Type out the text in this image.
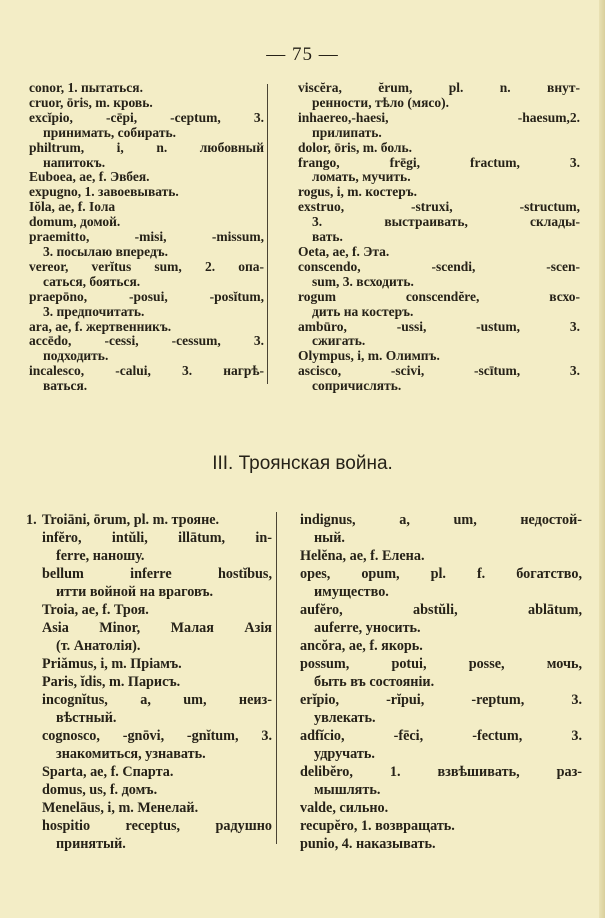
— 75 —
conor, 1. пытаться.
cruor, ōris, m. кровь.
excĭpio, -cēpi, -ceptum, 3.
принимать, собирать.
philtrum, i, n. любовный
напитокъ.
Euboea, ae, f. Эвбея.
expugno, 1. завоевывать.
Iŏla, ae, f. Іола
domum, домой.
praemitto, -misi, -missum,
3. посылаю впередъ.
vereor, verĭtus sum, 2. опа-
саться, бояться.
praepōno, -posui, -posĭtum,
3. предпочитать.
ara, ae, f. жертвенникъ.
accēdo, -cessi, -cessum, 3.
подходить.
incalesco, -calui, 3. нагрѣ-
ваться.
viscĕra, ĕrum, pl. n. внут-
ренности, тѣло (мясо).
inhaereo,-haesi, -haesum,2.
прилипать.
dolor, ōris, m. боль.
frango, frēgi, fractum, 3.
ломать, мучить.
rogus, i, m. костеръ.
exstruo, -struxi, -structum,
3. выстраивать, склады-
вать.
Oeta, ae, f. Эта.
conscendo, -scendi, -scen-
sum, 3. всходить.
rogum conscendĕre, всхо-
дить на костеръ.
ambūro, -ussi, -ustum, 3.
сжигать.
Olympus, i, m. Олимпъ.
ascisco, -scivi, -scītum, 3.
сопричислять.
III. Троянская война.
1. Troiāni, ōrum, pl. m. трояне.
infĕro, intŭli, illātum, in-
ferre, наношу.
bellum inferre hostĭbus,
итти войной на враговъ.
Troia, ae, f. Троя.
Asia Minor, Малая Азія
(т. Анатолія).
Priămus, i, m. Пріамъ.
Paris, ĭdis, m. Парисъ.
incognĭtus, a, um, неиз-
вѣстный.
cognosco, -gnōvi, -gnĭtum, 3.
знакомиться, узнавать.
Sparta, ae, f. Спарта.
domus, us, f. домъ.
Menelāus, i, m. Менелай.
hospitio receptus, радушно
принятый.
indignus, a, um, недостой-
ный.
Helĕna, ae, f. Елена.
opes, opum, pl. f. богатство,
имущество.
aufĕro, abstŭli, ablātum,
auferre, уносить.
ancŏra, ae, f. якорь.
possum, potui, posse, мочь,
быть въ состояніи.
erĭpio, -rĭpui, -reptum, 3.
увлекать.
adfĭcio, -fēci, -fectum, 3.
удручать.
delibĕro, 1. взвѣшивать, раз-
мышлять.
valde, сильно.
recupĕro, 1. возвращать.
punio, 4. наказывать.
